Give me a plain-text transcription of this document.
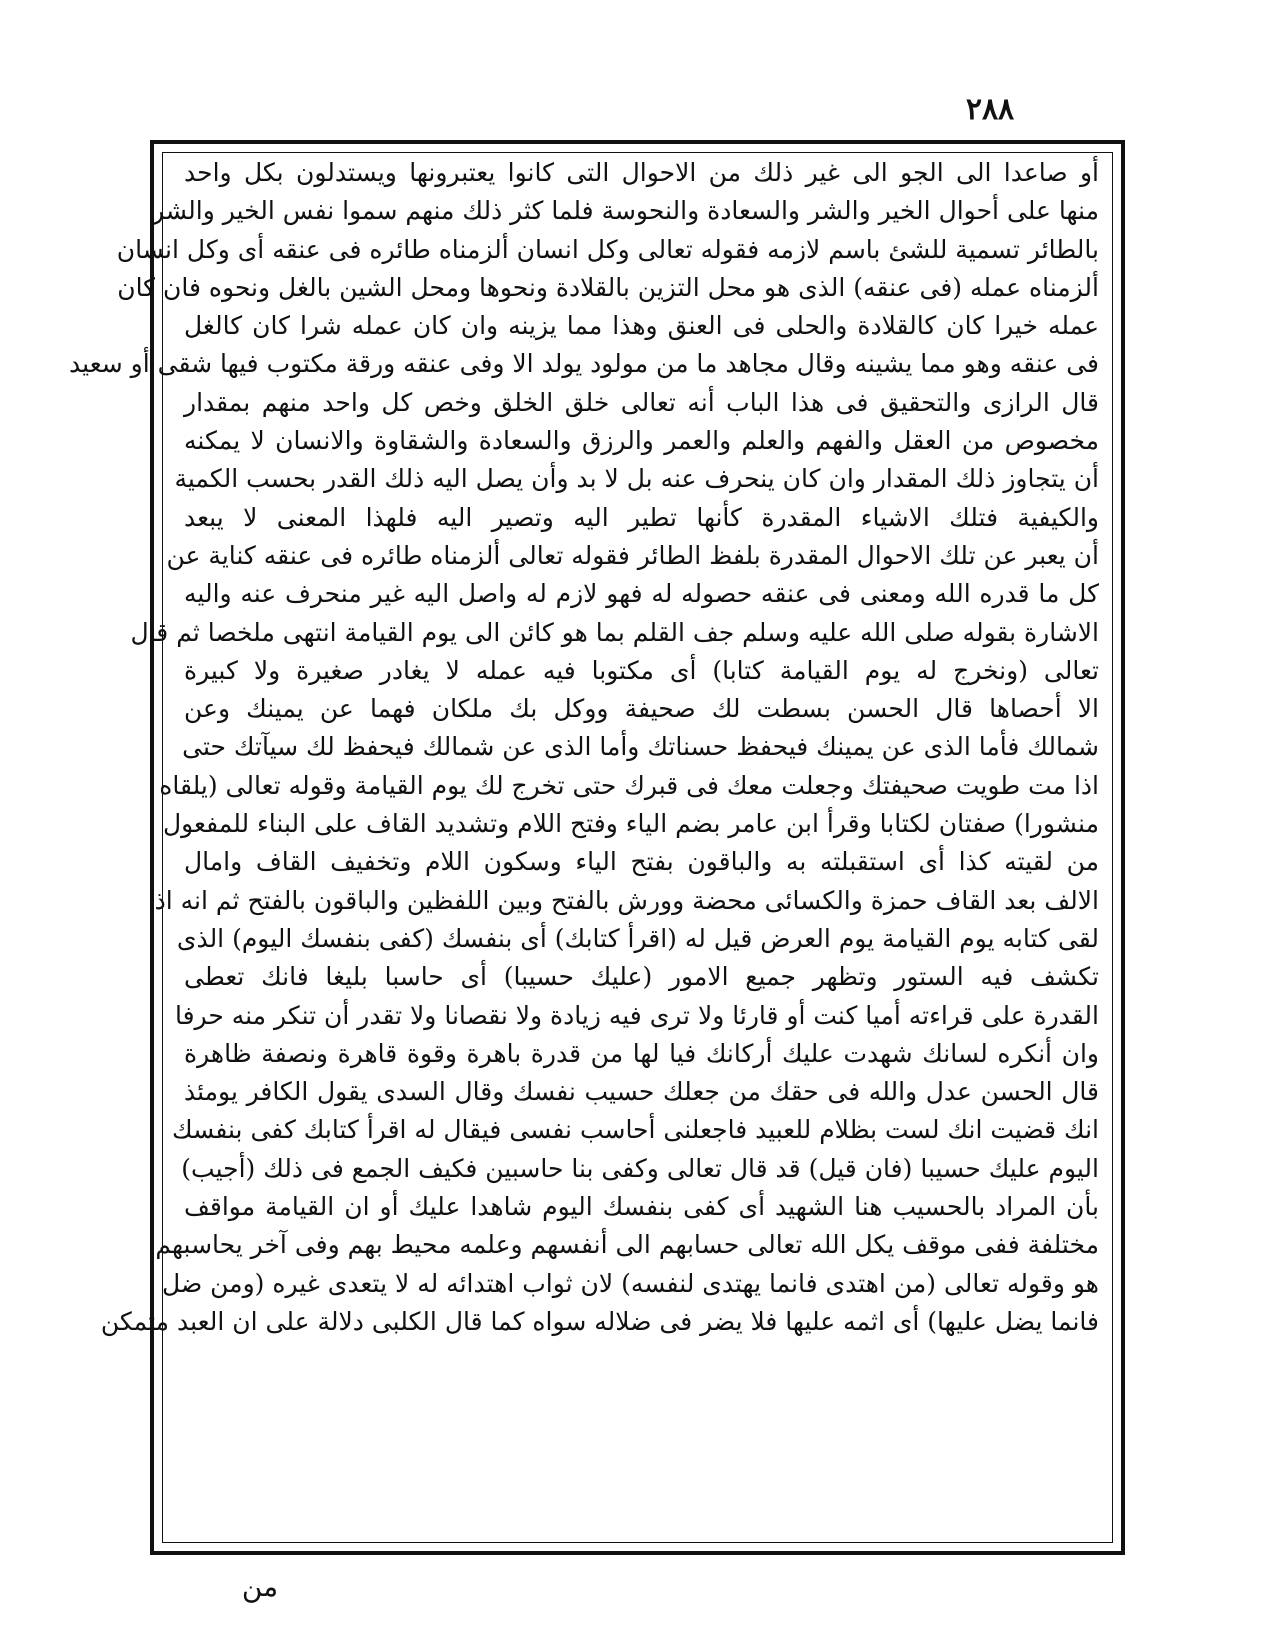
٢٨٨
أو صاعدا الى الجو الى غير ذلك من الاحوال التى كانوا يعتبرونها ويستدلون بكل واحد
منها على أحوال الخير والشر والسعادة والنحوسة فلما كثر ذلك منهم سموا نفس الخير والشر
بالطائر تسمية للشئ باسم لازمه فقوله تعالى وكل انسان ألزمناه طائره فى عنقه أى وكل انسان
ألزمناه عمله (فى عنقه) الذى هو محل التزين بالقلادة ونحوها ومحل الشين بالغل ونحوه فان كان
عمله خيرا كان كالقلادة والحلى فى العنق وهذا مما يزينه وان كان عمله شرا كان كالغل
فى عنقه وهو مما يشينه وقال مجاهد ما من مولود يولد الا وفى عنقه ورقة مكتوب فيها شقى أو سعيد
قال الرازى والتحقيق فى هذا الباب أنه تعالى خلق الخلق وخص كل واحد منهم بمقدار
مخصوص من العقل والفهم والعلم والعمر والرزق والسعادة والشقاوة والانسان لا يمكنه
أن يتجاوز ذلك المقدار وان كان ينحرف عنه بل لا بد وأن يصل اليه ذلك القدر بحسب الكمية
والكيفية فتلك الاشياء المقدرة كأنها تطير اليه وتصير اليه فلهذا المعنى لا يبعد
أن يعبر عن تلك الاحوال المقدرة بلفظ الطائر فقوله تعالى ألزمناه طائره فى عنقه كناية عن
كل ما قدره الله ومعنى فى عنقه حصوله له فهو لازم له واصل اليه غير منحرف عنه واليه
الاشارة بقوله صلى الله عليه وسلم جف القلم بما هو كائن الى يوم القيامة انتهى ملخصا ثم قال
تعالى (ونخرج له يوم القيامة كتابا) أى مكتوبا فيه عمله لا يغادر صغيرة ولا كبيرة
الا أحصاها قال الحسن بسطت لك صحيفة ووكل بك ملكان فهما عن يمينك وعن
شمالك فأما الذى عن يمينك فيحفظ حسناتك وأما الذى عن شمالك فيحفظ لك سيآتك حتى
اذا مت طويت صحيفتك وجعلت معك فى قبرك حتى تخرج لك يوم القيامة وقوله تعالى (يلقاه
منشورا) صفتان لكتابا وقرأ ابن عامر بضم الياء وفتح اللام وتشديد القاف على البناء للمفعول
من لقيته كذا أى استقبلته به والباقون بفتح الياء وسكون اللام وتخفيف القاف وامال
الالف بعد القاف حمزة والكسائى محضة وورش بالفتح وبين اللفظين والباقون بالفتح ثم انه اذا
لقى كتابه يوم القيامة يوم العرض قيل له (اقرأ كتابك) أى بنفسك (كفى بنفسك اليوم) الذى
تكشف فيه الستور وتظهر جميع الامور (عليك حسيبا) أى حاسبا بليغا فانك تعطى
القدرة على قراءته أميا كنت أو قارئا ولا ترى فيه زيادة ولا نقصانا ولا تقدر أن تنكر منه حرفا
وان أنكره لسانك شهدت عليك أركانك فيا لها من قدرة باهرة وقوة قاهرة ونصفة ظاهرة
قال الحسن عدل والله فى حقك من جعلك حسيب نفسك وقال السدى يقول الكافر يومئذ
انك قضيت انك لست بظلام للعبيد فاجعلنى أحاسب نفسى فيقال له اقرأ كتابك كفى بنفسك
اليوم عليك حسيبا (فان قيل) قد قال تعالى وكفى بنا حاسبين فكيف الجمع فى ذلك (أجيب)
بأن المراد بالحسيب هنا الشهيد أى كفى بنفسك اليوم شاهدا عليك أو ان القيامة مواقف
مختلفة ففى موقف يكل الله تعالى حسابهم الى أنفسهم وعلمه محيط بهم وفى آخر يحاسبهم
هو وقوله تعالى (من اهتدى فانما يهتدى لنفسه) لان ثواب اهتدائه له لا يتعدى غيره (ومن ضل
فانما يضل عليها) أى اثمه عليها فلا يضر فى ضلاله سواه كما قال الكلبى دلالة على ان العبد متمكن
من
